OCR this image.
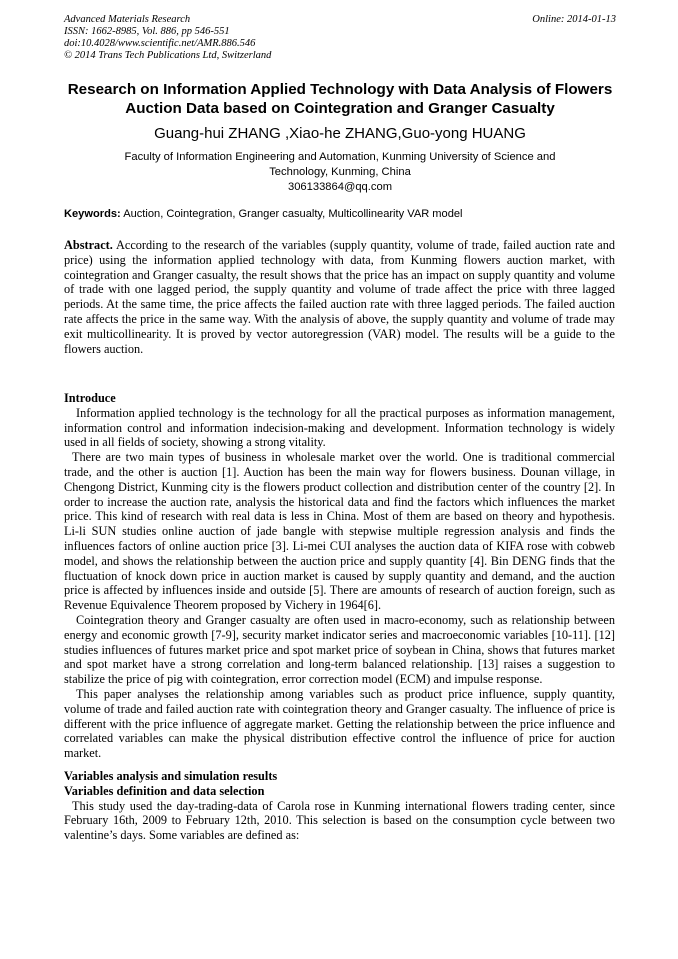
Advanced Materials Research
ISSN: 1662-8985, Vol. 886, pp 546-551
doi:10.4028/www.scientific.net/AMR.886.546
© 2014 Trans Tech Publications Ltd, Switzerland
Online: 2014-01-13
Research on Information Applied Technology with Data Analysis of Flowers Auction Data based on Cointegration and Granger Casualty
Guang-hui ZHANG ,Xiao-he ZHANG,Guo-yong HUANG
Faculty of Information Engineering and Automation, Kunming University of Science and
Technology, Kunming, China
306133864@qq.com
Keywords: Auction, Cointegration, Granger casualty, Multicollinearity VAR model

Abstract. According to the research of the variables (supply quantity, volume of trade, failed auction rate and price) using the information applied technology with data, from Kunming flowers auction market, with cointegration and Granger casualty, the result shows that the price has an impact on supply quantity and volume of trade with one lagged period, the supply quantity and volume of trade affect the price with three lagged periods. At the same time, the price affects the failed auction rate with three lagged periods. The failed auction rate affects the price in the same way. With the analysis of above, the supply quantity and volume of trade may exit multicollinearity. It is proved by vector autoregression (VAR) model. The results will be a guide to the flowers auction.

Introduce

Information applied technology is the technology for all the practical purposes as information management, information control and information indecision-making and development. Information technology is widely used in all fields of society, showing a strong vitality.

There are two main types of business in wholesale market over the world. One is traditional commercial trade, and the other is auction [1]. Auction has been the main way for flowers business. Dounan village, in Chengong District, Kunming city is the flowers product collection and distribution center of the country [2]. In order to increase the auction rate, analysis the historical data and find the factors which influences the market price. This kind of research with real data is less in China. Most of them are based on theory and hypothesis. Li-li SUN studies online auction of jade bangle with stepwise multiple regression analysis and finds the influences factors of online auction price [3]. Li-mei CUI analyses the auction data of KIFA rose with cobweb model, and shows the relationship between the auction price and supply quantity [4]. Bin DENG finds that the fluctuation of knock down price in auction market is caused by supply quantity and demand, and the auction price is affected by influences inside and outside [5]. There are amounts of research of auction foreign, such as Revenue Equivalence Theorem proposed by Vichery in 1964[6].

Cointegration theory and Granger casualty are often used in macro-economy, such as relationship between energy and economic growth [7-9], security market indicator series and macroeconomic variables [10-11]. [12] studies influences of futures market price and spot market price of soybean in China, shows that futures market and spot market have a strong correlation and long-term balanced relationship. [13] raises a suggestion to stabilize the price of pig with cointegration, error correction model (ECM) and impulse response.

This paper analyses the relationship among variables such as product price influence, supply quantity, volume of trade and failed auction rate with cointegration theory and Granger casualty. The influence of price is different with the price influence of aggregate market. Getting the relationship between the price influence and correlated variables can make the physical distribution effective control the influence of price for auction market.

Variables analysis and simulation results

Variables definition and data selection

This study used the day-trading-data of Carola rose in Kunming international flowers trading center, since February 16th, 2009 to February 12th, 2010. This selection is based on the consumption cycle between two valentine’s days. Some variables are defined as:
